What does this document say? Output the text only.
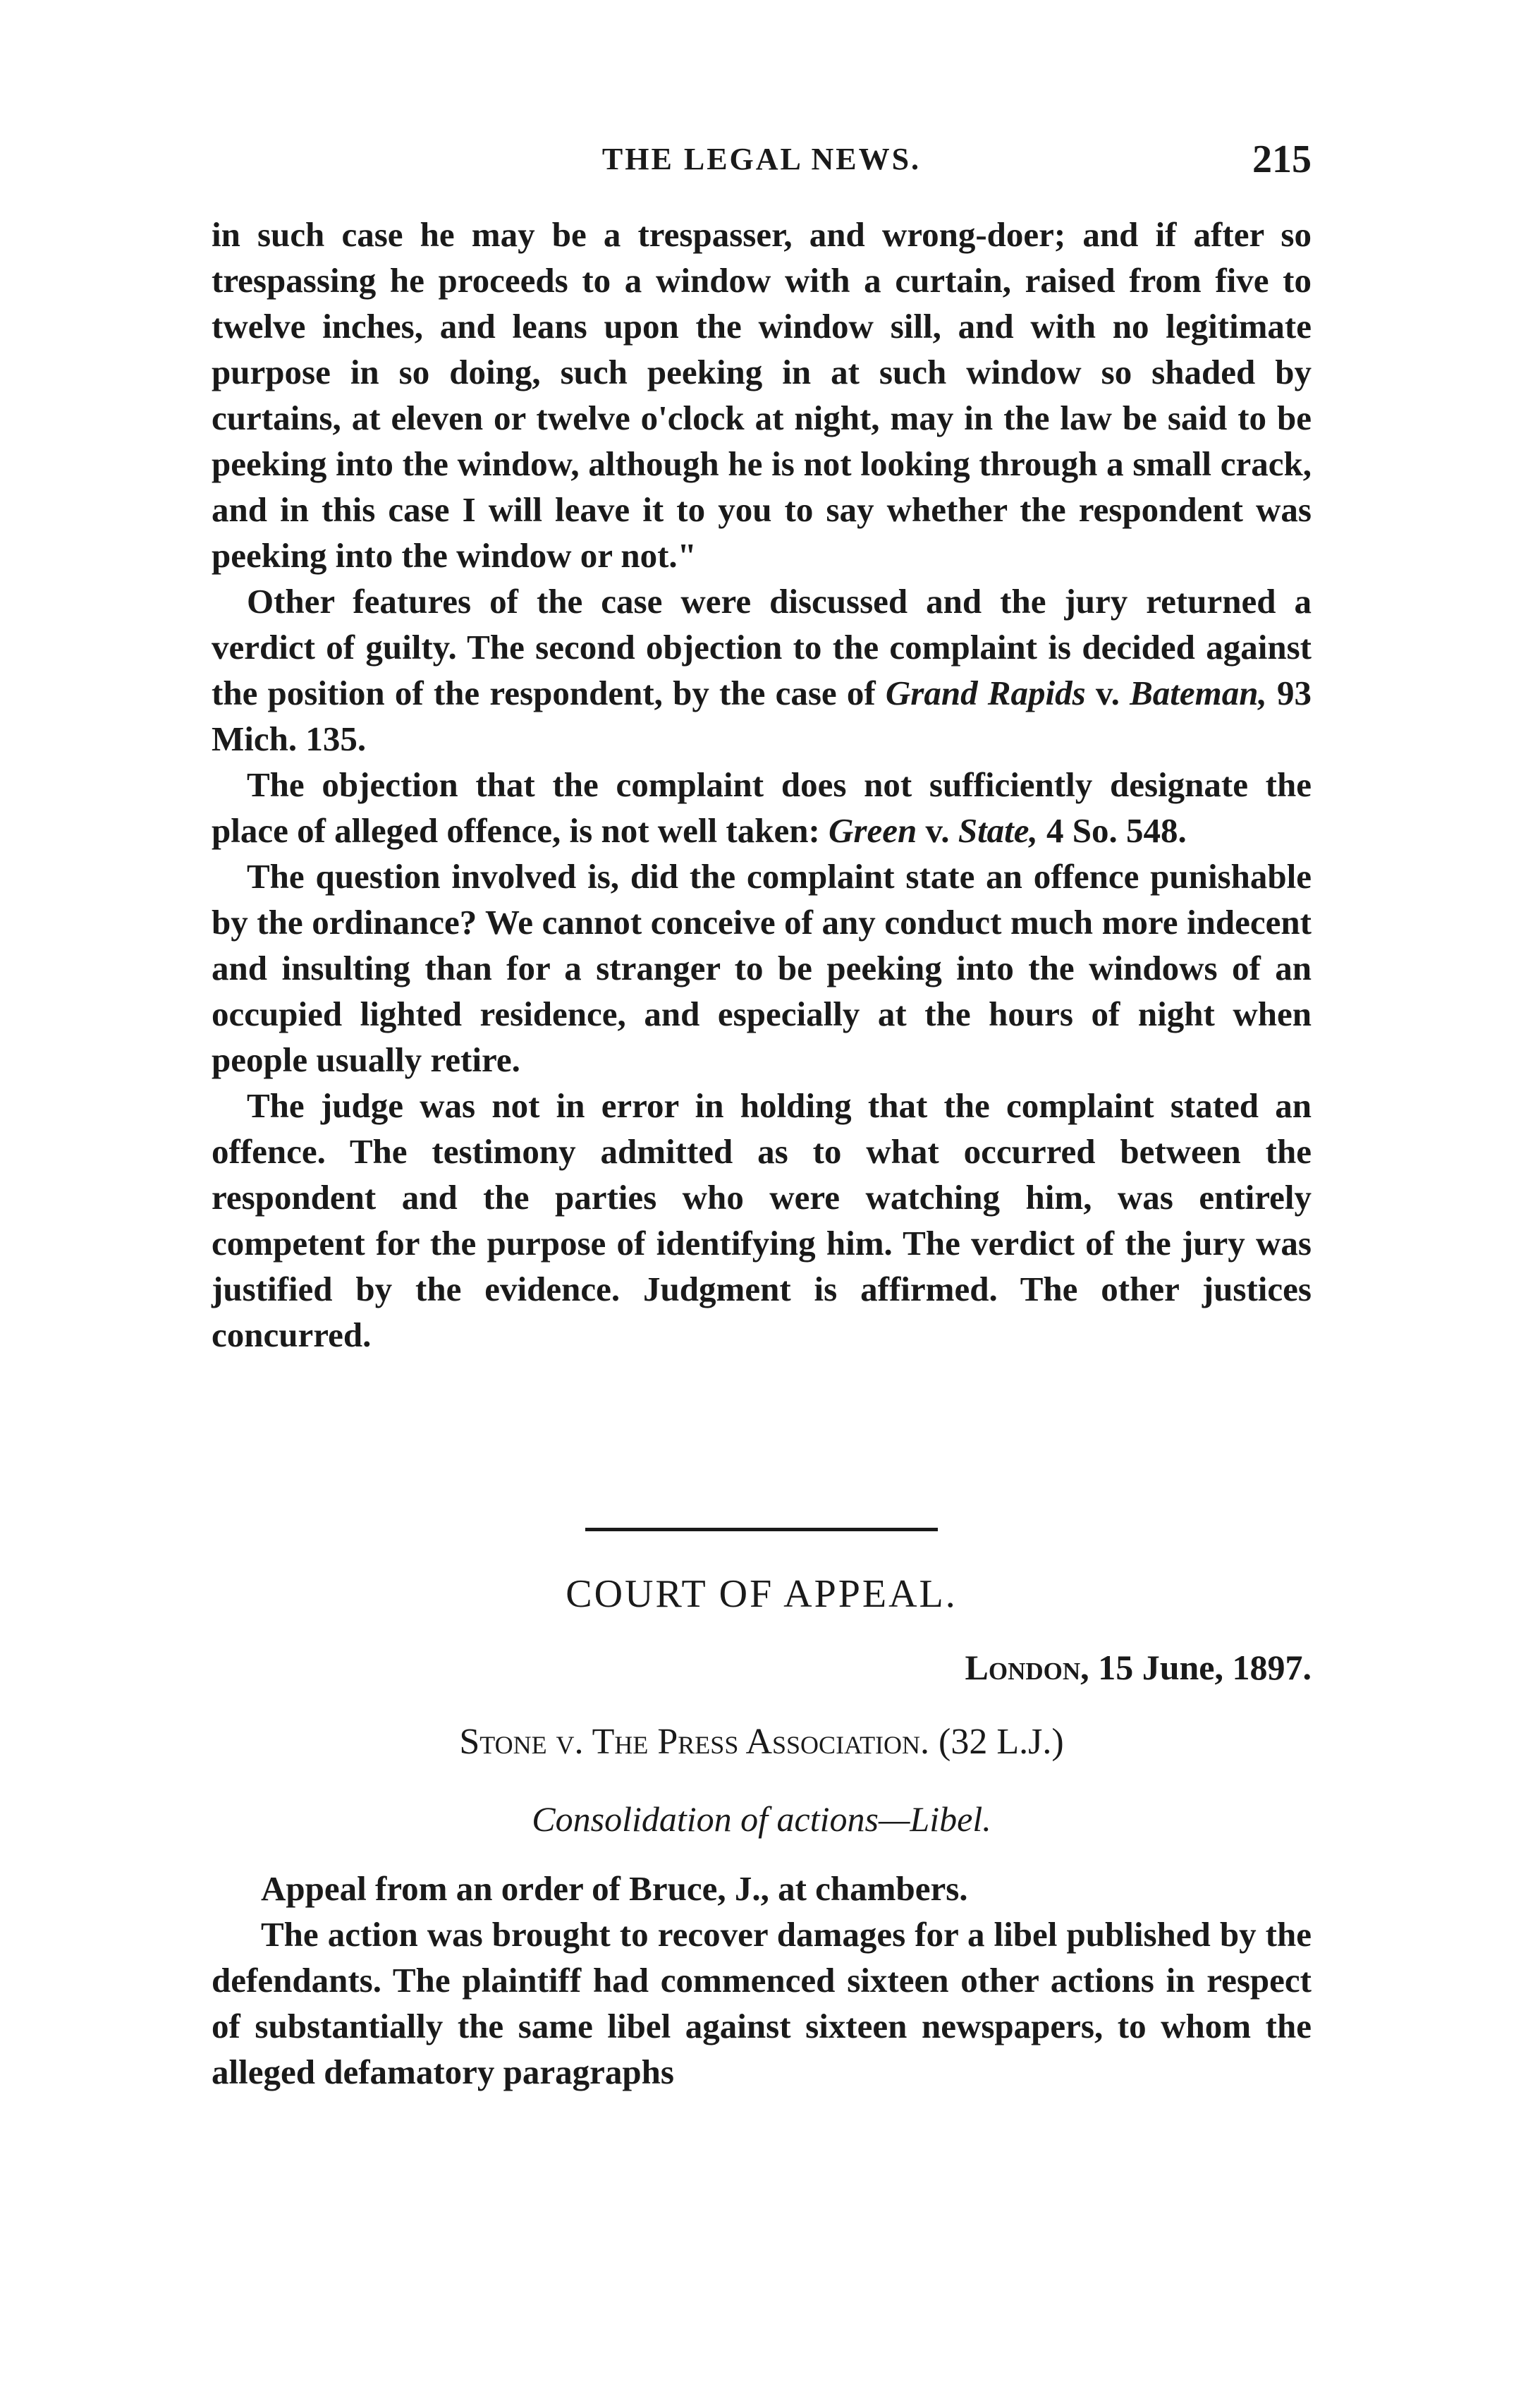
THE LEGAL NEWS.	215

in such case he may be a trespasser, and wrong-doer; and if after so trespassing he proceeds to a window with a curtain, raised from five to twelve inches, and leans upon the window sill, and with no legitimate purpose in so doing, such peeking in at such window so shaded by curtains, at eleven or twelve o'clock at night, may in the law be said to be peeking into the window, although he is not looking through a small crack, and in this case I will leave it to you to say whether the respondent was peeking into the window or not."

Other features of the case were discussed and the jury returned a verdict of guilty. The second objection to the complaint is decided against the position of the respondent, by the case of Grand Rapids v. Bateman, 93 Mich. 135.

The objection that the complaint does not sufficiently designate the place of alleged offence, is not well taken: Green v. State, 4 So. 548.

The question involved is, did the complaint state an offence punishable by the ordinance? We cannot conceive of any conduct much more indecent and insulting than for a stranger to be peeking into the windows of an occupied lighted residence, and especially at the hours of night when people usually retire.

The judge was not in error in holding that the complaint stated an offence. The testimony admitted as to what occurred between the respondent and the parties who were watching him, was entirely competent for the purpose of identifying him. The verdict of the jury was justified by the evidence. Judgment is affirmed. The other justices concurred.

COURT OF APPEAL.
London, 15 June, 1897.
Stone v. The Press Association. (32 L.J.)
Consolidation of actions—Libel.

Appeal from an order of Bruce, J., at chambers.

The action was brought to recover damages for a libel published by the defendants. The plaintiff had commenced sixteen other actions in respect of substantially the same libel against sixteen newspapers, to whom the alleged defamatory paragraphs
